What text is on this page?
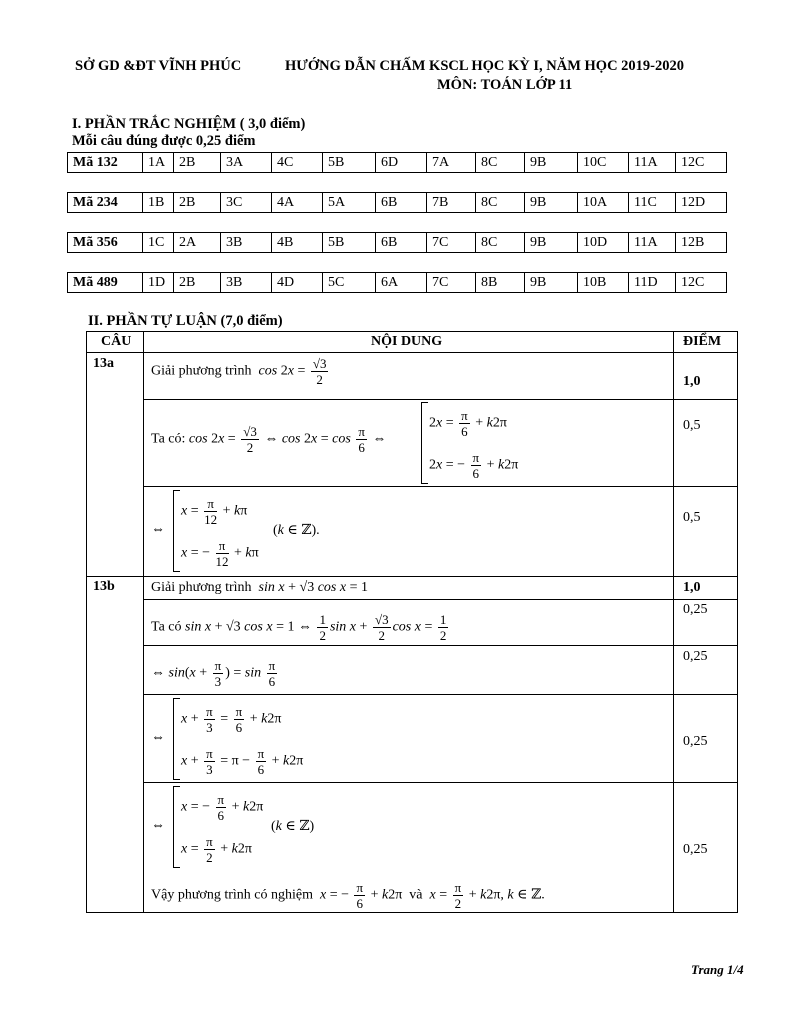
SỞ GD &ĐT VĨNH PHÚC	HƯỚNG DẪN CHẤM KSCL HỌC KỲ I, NĂM HỌC 2019-2020
MÔN: TOÁN LỚP 11
I. PHẦN TRẮC NGHIỆM ( 3,0 điểm)
Mỗi câu đúng được 0,25 điểm
Mã 132	1A	2B	3A	4C	5B	6D	7A	8C	9B	10C	11A	12C
Mã 234	1B	2B	3C	4A	5A	6B	7B	8C	9B	10A	11C	12D
Mã 356	1C	2A	3B	4B	5B	6B	7C	8C	9B	10D	11A	12B
Mã 489	1D	2B	3B	4D	5C	6A	7C	8B	9B	10B	11D	12C
II. PHẦN TỰ LUẬN (7,0 điểm)
CÂU	NỘI DUNG	ĐIỂM
13a
Giải phương trình $\cos 2x = \frac{√3}{2}$	1,0
Ta có: $\cos 2x = \frac{√3}{2}$ ⇔ $\cos 2x = \cos \frac{\pi}{6}$ ⇔
$2x = \frac{\pi}{6} + k2\pi$
2x = − $\frac{\pi}{6} + k2\pi$
0,5
⇔
$x = \frac{\pi}{12} + k\pi$
x = − $\frac{\pi}{12} + k\pi$
(k ∈ ℤ).
0,5
13b	Giải phương trình sin x + √3 cos x = 1	1,0
Ta có sin x + √3 cos x = 1 ⇔ $\frac{1}{2}$ $\sin x + \frac{√3}{2}$ $\cos x = \frac{1}{2}$
0,25
⇔ $\sin(x + \frac{\pi}{3}$ ) = $\sin \frac{\pi}{6}$
0,25
⇔
$x + \frac{\pi}{3} = \frac{\pi}{6} + k2\pi$
$x + \frac{\pi}{3} = \pi - \frac{\pi}{6} + k2\pi$
0,25
⇔
x = − $\frac{\pi}{6} + k2\pi$
$x = \frac{\pi}{2} + k2\pi$
(k ∈ ℤ)
0,25
Vậy phương trình có nghiệm x = − $\frac{\pi}{6} + k2\pi$  và $x = \frac{\pi}{2} + k2\pi$, k ∈ ℤ.
Trang 1/4
